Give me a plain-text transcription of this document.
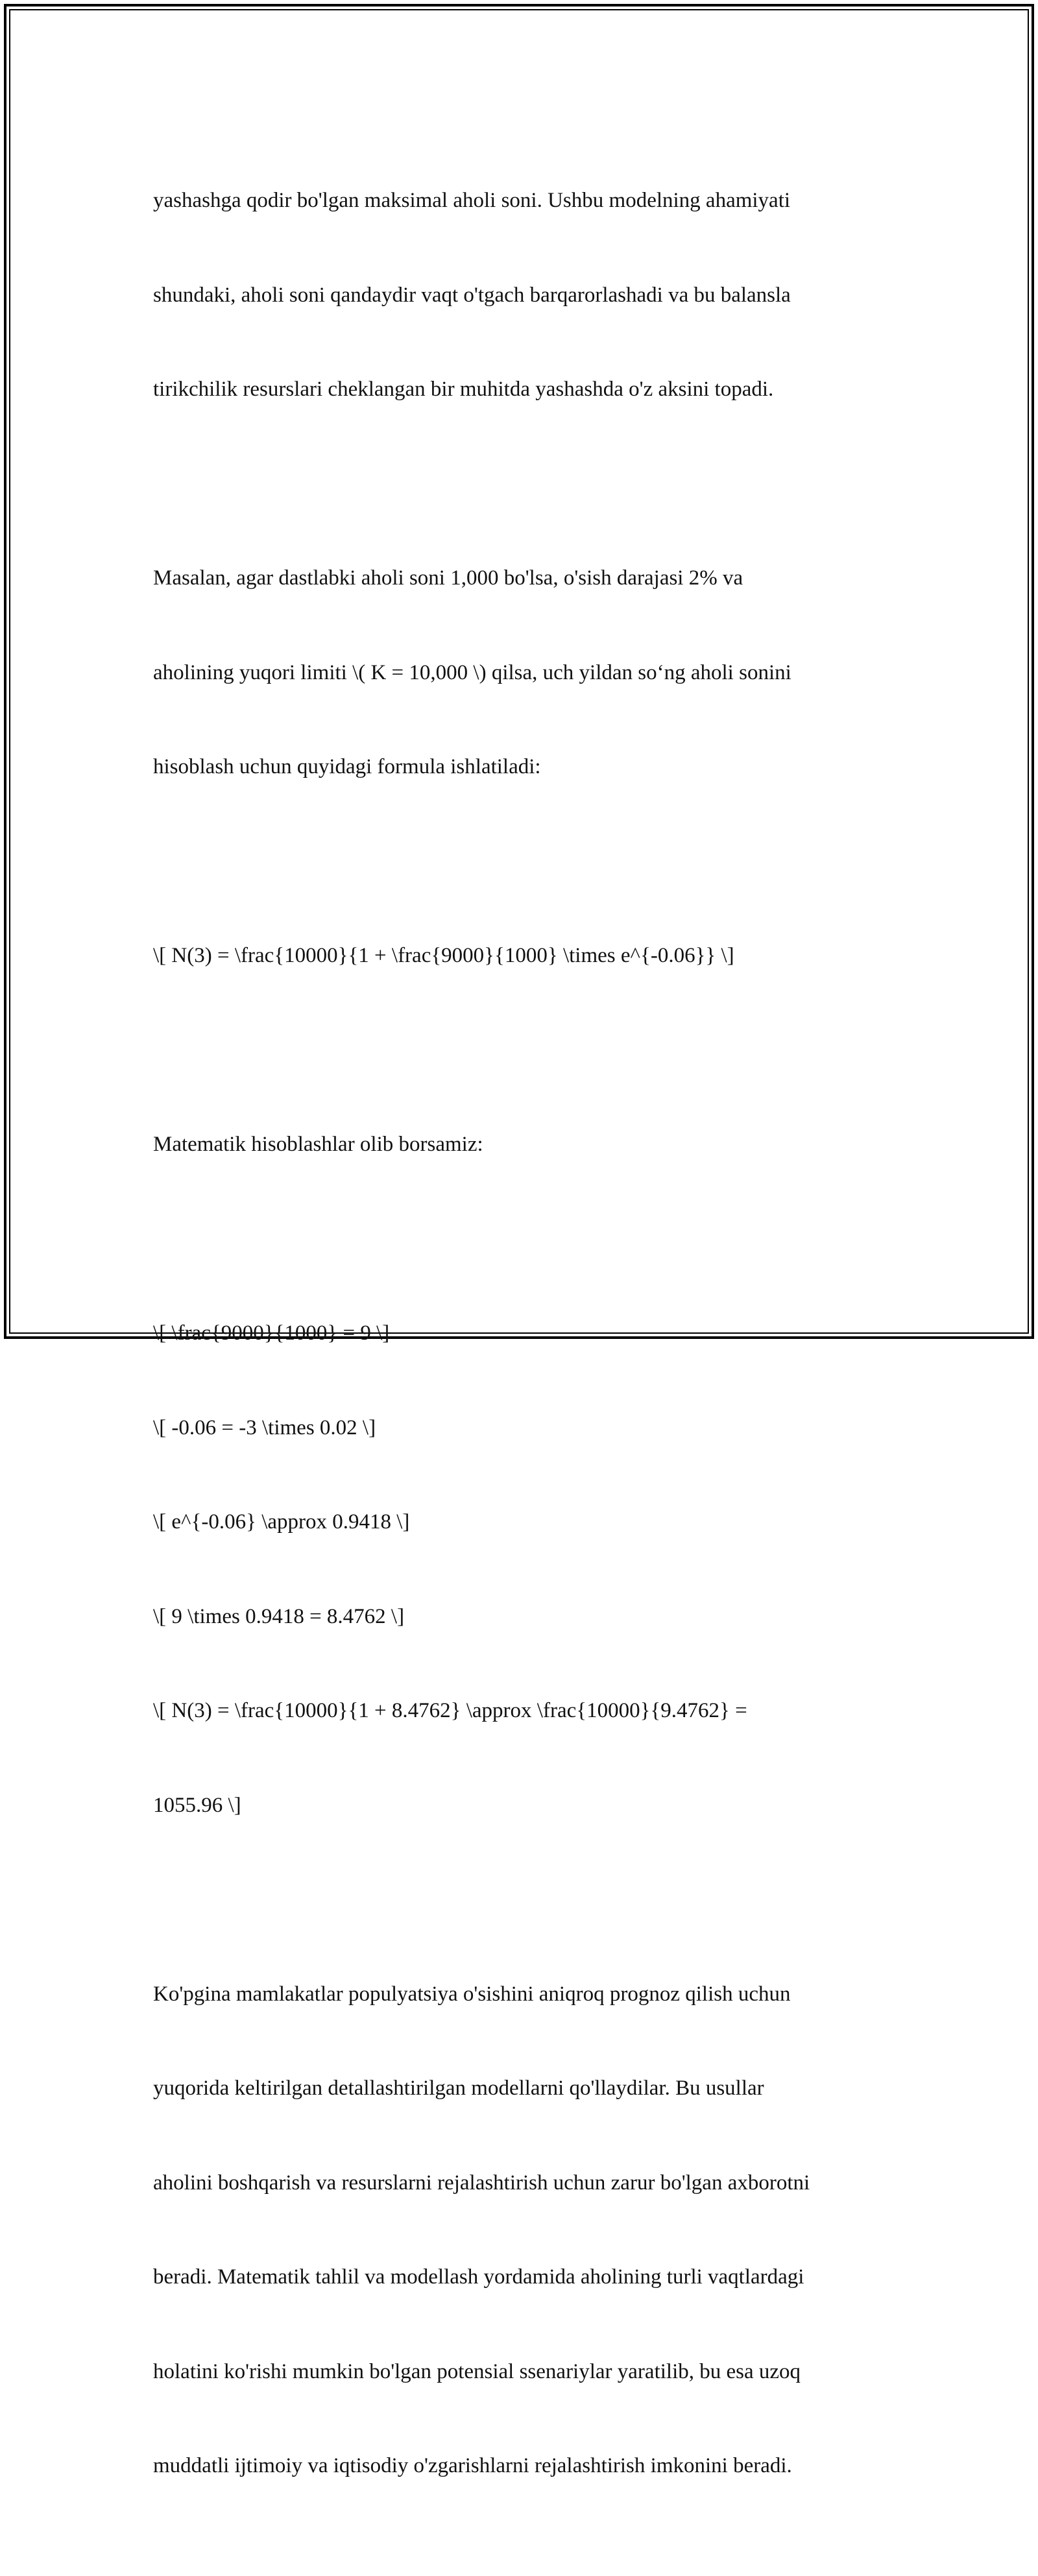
yashashga qodir bo'lgan maksimal aholi soni. Ushbu modelning ahamiyati

shundaki, aholi soni qandaydir vaqt o'tgach barqarorlashadi va bu balansla

tirikchilik resurslari cheklangan bir muhitda yashashda o'z aksini topadi.

Masalan, agar dastlabki aholi soni 1,000 bo'lsa, o'sish darajasi 2% va

aholining yuqori limiti \( K = 10,000 \) qilsa, uch yildan so‘ng aholi sonini

hisoblash uchun quyidagi formula ishlatiladi:

\[ N(3) = \frac{10000}{1 + \frac{9000}{1000} \times e^{-0.06}} \]

Matematik hisoblashlar olib borsamiz:

\[ \frac{9000}{1000} = 9 \]

\[ -0.06 = -3 \times 0.02 \]

\[ e^{-0.06} \approx 0.9418 \]

\[ 9 \times 0.9418 = 8.4762 \]

\[ N(3) = \frac{10000}{1 + 8.4762} \approx \frac{10000}{9.4762} =

1055.96 \]

Ko'pgina mamlakatlar populyatsiya o'sishini aniqroq prognoz qilish uchun

yuqorida keltirilgan detallashtirilgan modellarni qo'llaydilar. Bu usullar

aholini boshqarish va resurslarni rejalashtirish uchun zarur bo'lgan axborotni

beradi. Matematik tahlil va modellash yordamida aholining turli vaqtlardagi

holatini ko'rishi mumkin bo'lgan potensial ssenariylar yaratilib, bu esa uzoq

muddatli ijtimoiy va iqtisodiy o'zgarishlarni rejalashtirish imkonini beradi.
